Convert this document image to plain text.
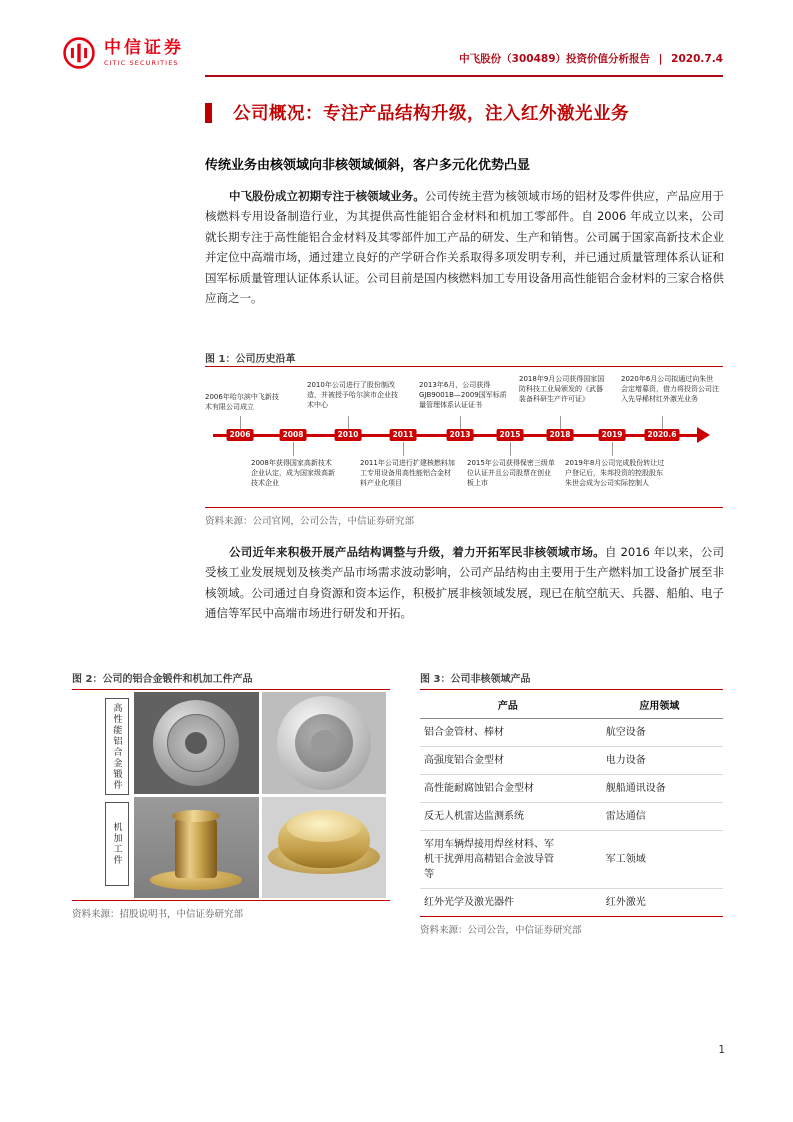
中信证券
CITIC SECURITIES	中飞股份（300489）投资价值分析报告 | 2020.7.4
公司概况：专注产品结构升级，注入红外激光业务
传统业务由核领域向非核领域倾斜，客户多元化优势凸显

中飞股份成立初期专注于核领域业务。公司传统主营为核领域市场的铝材及零件供应，产品应用于核燃料专用设备制造行业，为其提供高性能铝合金材料和机加工零部件。自 2006 年成立以来，公司就长期专注于高性能铝合金材料及其零部件加工产品的研发、生产和销售。公司属于国家高新技术企业并定位中高端市场，通过建立良好的产学研合作关系取得多项发明专利，并已通过质量管理体系认证和国军标质量管理认证体系认证。公司目前是国内核燃料加工专用设备用高性能铝合金材料的三家合格供应商之一。

图 1：公司历史沿革
2006	2008	2010	2011	2013	2015	2018	2019	2020.6
2006年哈尔滨中飞新技术有限公司成立
2010年公司进行了股份制改造，并被授予哈尔滨市企业技术中心
2013年6月，公司获得GJB9001B—2009国军标质量管理体系认证证书
2018年9月公司获得国家国防科技工业局颁发的《武器装备科研生产许可证》
2020年6月公司拟通过向朱世会定增募资，借力将投资公司注入先导稀材红外激光业务
2008年获得国家高新技术企业认定，成为国家级高新技术企业
2011年公司进行扩建核燃料加工专用设备用高性能铝合金材料产业化项目
2015年公司获得保密三级单位认证并且公司股票在创业板上市
2019年8月公司完成股份转让过户登记后，朱邦投资的控股股东朱世会成为公司实际控制人
资料来源：公司官网，公司公告，中信证券研究部

公司近年来积极开展产品结构调整与升级，着力开拓军民非核领域市场。自 2016 年以来，公司受核工业发展规划及核类产品市场需求波动影响，公司产品结构由主要用于生产燃料加工设备扩展至非核领域。公司通过自身资源和资本运作，积极扩展非核领域发展，现已在航空航天、兵器、船舶、电子通信等军民中高端市场进行研发和开拓。

图 2：公司的铝合金锻件和机加工件产品
高性能铝合金锻件
机加工件
资料来源：招股说明书，中信证券研究部
图 3：公司非核领域产品
产品	应用领域
铝合金管材、棒材	航空设备
高强度铝合金型材	电力设备
高性能耐腐蚀铝合金型材	舰船通讯设备
反无人机雷达监测系统	雷达通信
军用车辆焊接用焊丝材料、军机干扰弹用高精铝合金波导管等	军工领域
红外光学及激光器件	红外激光
资料来源：公司公告，中信证券研究部
1
